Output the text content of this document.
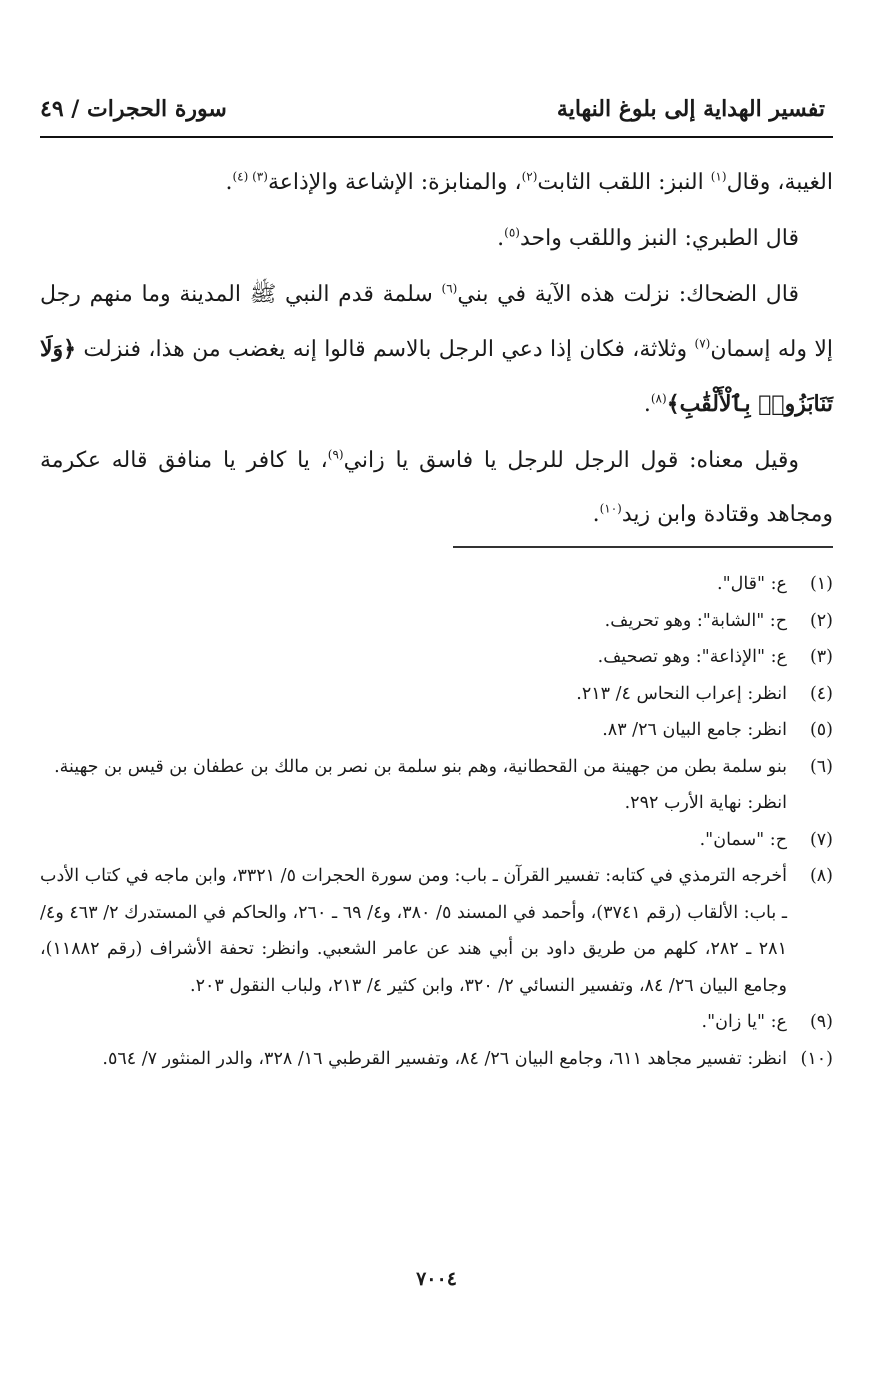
تفسير الهداية إلى بلوغ النهاية
سورة الحجرات / ٤٩

الغيبة، وقال$^{(١)}$ النبز: اللقب الثابت$^{(٢)}$، والمنابزة: الإشاعة والإذاعة$^{(٣) (٤)}$.

قال الطبري: النبز واللقب واحد$^{(٥)}$.

قال الضحاك: نزلت هذه الآية في بني$^{(٦)}$ سلمة قدم النبي ﷺ المدينة وما منهم رجل إلا وله إسمان$^{(٧)}$ وثلاثة، فكان إذا دعي الرجل بالاسم قالوا إنه يغضب من هذا، فنزلت ﴿وَلَا تَنَابَزُوا۟ بِٱلْأَلْقَٰبِ﴾$^{(٨)}$.

وقيل معناه: قول الرجل للرجل يا فاسق يا زاني$^{(٩)}$، يا كافر يا منافق قاله عكرمة ومجاهد وقتادة وابن زيد$^{(١٠)}$.

(١)
ع: "قال".
(٢)
ح: "الشابة": وهو تحريف.
(٣)
ع: "الإذاعة": وهو تصحيف.
(٤)
انظر: إعراب النحاس ٤/ ٢١٣.
(٥)
انظر: جامع البيان ٢٦/ ٨٣.
(٦)
بنو سلمة بطن من جهينة من القحطانية، وهم بنو سلمة بن نصر بن مالك بن عطفان بن قيس بن جهينة.
انظر: نهاية الأرب ٢٩٢.
(٧)
ح: "سمان".
(٨)
أخرجه الترمذي في كتابه: تفسير القرآن ـ باب: ومن سورة الحجرات ٥/ ٣٣٢١، وابن ماجه في كتاب الأدب ـ باب: الألقاب (رقم ٣٧٤١)، وأحمد في المسند ٥/ ٣٨٠، و٤/ ٦٩ ـ ٢٦٠، والحاكم في المستدرك ٢/ ٤٦٣ و٤/ ٢٨١ ـ ٢٨٢، كلهم من طريق داود بن أبي هند عن عامر الشعبي. وانظر: تحفة الأشراف (رقم ١١٨٨٢)، وجامع البيان ٢٦/ ٨٤، وتفسير النسائي ٢/ ٣٢٠، وابن كثير ٤/ ٢١٣، ولباب النقول ٢٠٣.
(٩)
ع: "يا زان".
(١٠)
انظر: تفسير مجاهد ٦١١، وجامع البيان ٢٦/ ٨٤، وتفسير القرطبي ١٦/ ٣٢٨، والدر المنثور ٧/ ٥٦٤.
٧٠٠٤
